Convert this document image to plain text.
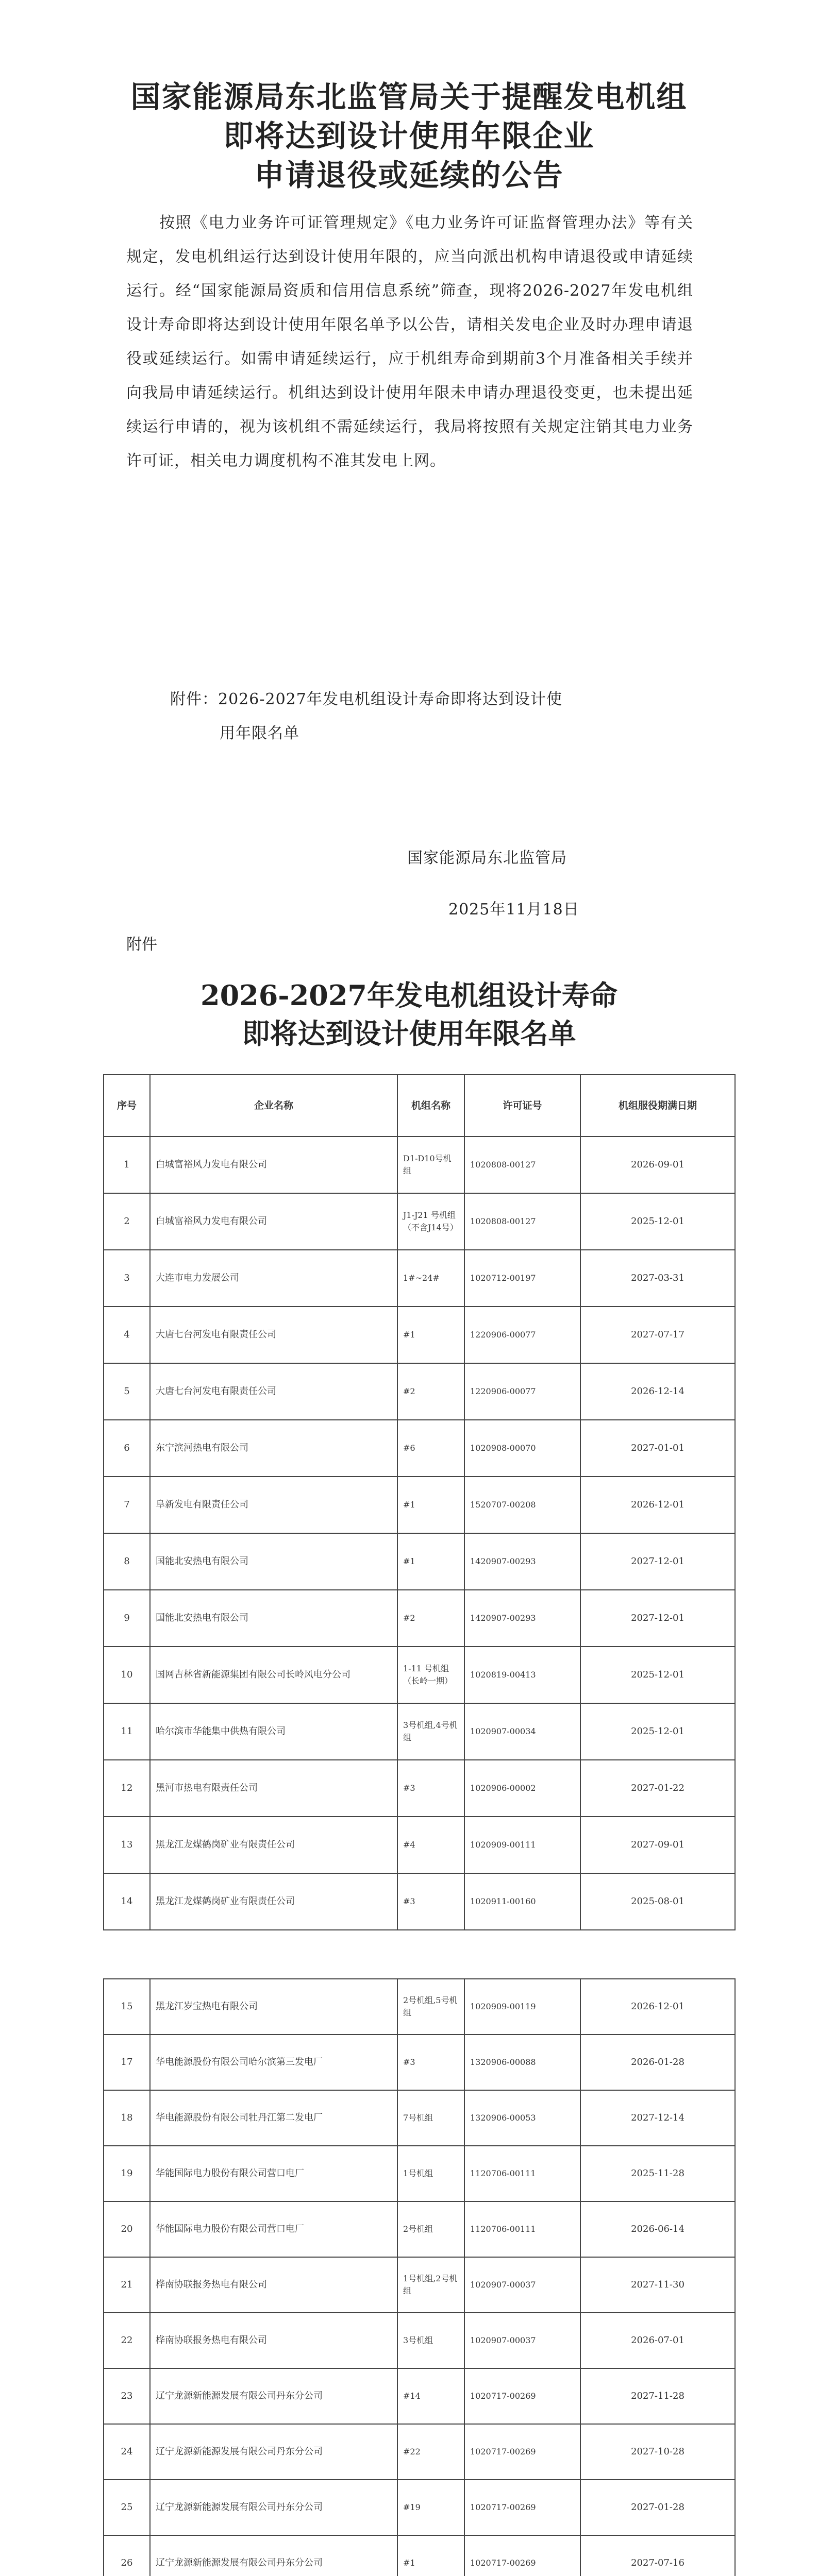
国家能源局东北监管局关于提醒发电机组
即将达到设计使用年限企业
申请退役或延续的公告

按照《电力业务许可证管理规定》《电力业务许可证监督管理办法》等有关规定，发电机组运行达到设计使用年限的，应当向派出机构申请退役或申请延续运行。经“国家能源局资质和信用信息系统”筛查，现将2026-2027年发电机组设计寿命即将达到设计使用年限名单予以公告，请相关发电企业及时办理申请退役或延续运行。如需申请延续运行，应于机组寿命到期前3个月准备相关手续并向我局申请延续运行。机组达到设计使用年限未申请办理退役变更，也未提出延续运行申请的，视为该机组不需延续运行，我局将按照有关规定注销其电力业务许可证，相关电力调度机构不准其发电上网。

附件：2026-2027年发电机组设计寿命即将达到设计使
用年限名单
国家能源局东北监管局
2025年11月18日
附件
2026-2027年发电机组设计寿命
即将达到设计使用年限名单
序号	企业名称	机组名称	许可证号	机组服役期满日期
1	白城富裕风力发电有限公司	D1-D10号机组	1020808-00127	2026-09-01
2	白城富裕风力发电有限公司	J1-J21 号机组（不含J14号）	1020808-00127	2025-12-01
3	大连市电力发展公司	1#~24#	1020712-00197	2027-03-31
4	大唐七台河发电有限责任公司	#1	1220906-00077	2027-07-17
5	大唐七台河发电有限责任公司	#2	1220906-00077	2026-12-14
6	东宁滨河热电有限公司	#6	1020908-00070	2027-01-01
7	阜新发电有限责任公司	#1	1520707-00208	2026-12-01
8	国能北安热电有限公司	#1	1420907-00293	2027-12-01
9	国能北安热电有限公司	#2	1420907-00293	2027-12-01
10	国网吉林省新能源集团有限公司长岭风电分公司	1-11 号机组（长岭一期）	1020819-00413	2025-12-01
11	哈尔滨市华能集中供热有限公司	3号机组,4号机组	1020907-00034	2025-12-01
12	黑河市热电有限责任公司	#3	1020906-00002	2027-01-22
13	黑龙江龙煤鹤岗矿业有限责任公司	#4	1020909-00111	2027-09-01
14	黑龙江龙煤鹤岗矿业有限责任公司	#3	1020911-00160	2025-08-01
15	黑龙江岁宝热电有限公司	2号机组,5号机组	1020909-00119	2026-12-01
17	华电能源股份有限公司哈尔滨第三发电厂	#3	1320906-00088	2026-01-28
18	华电能源股份有限公司牡丹江第二发电厂	7号机组	1320906-00053	2027-12-14
19	华能国际电力股份有限公司营口电厂	1号机组	1120706-00111	2025-11-28
20	华能国际电力股份有限公司营口电厂	2号机组	1120706-00111	2026-06-14
21	桦南协联报务热电有限公司	1号机组,2号机组	1020907-00037	2027-11-30
22	桦南协联报务热电有限公司	3号机组	1020907-00037	2026-07-01
23	辽宁龙源新能源发展有限公司丹东分公司	#14	1020717-00269	2027-11-28
24	辽宁龙源新能源发展有限公司丹东分公司	#22	1020717-00269	2027-10-28
25	辽宁龙源新能源发展有限公司丹东分公司	#19	1020717-00269	2027-01-28
26	辽宁龙源新能源发展有限公司丹东分公司	#1	1020717-00269	2027-07-16
